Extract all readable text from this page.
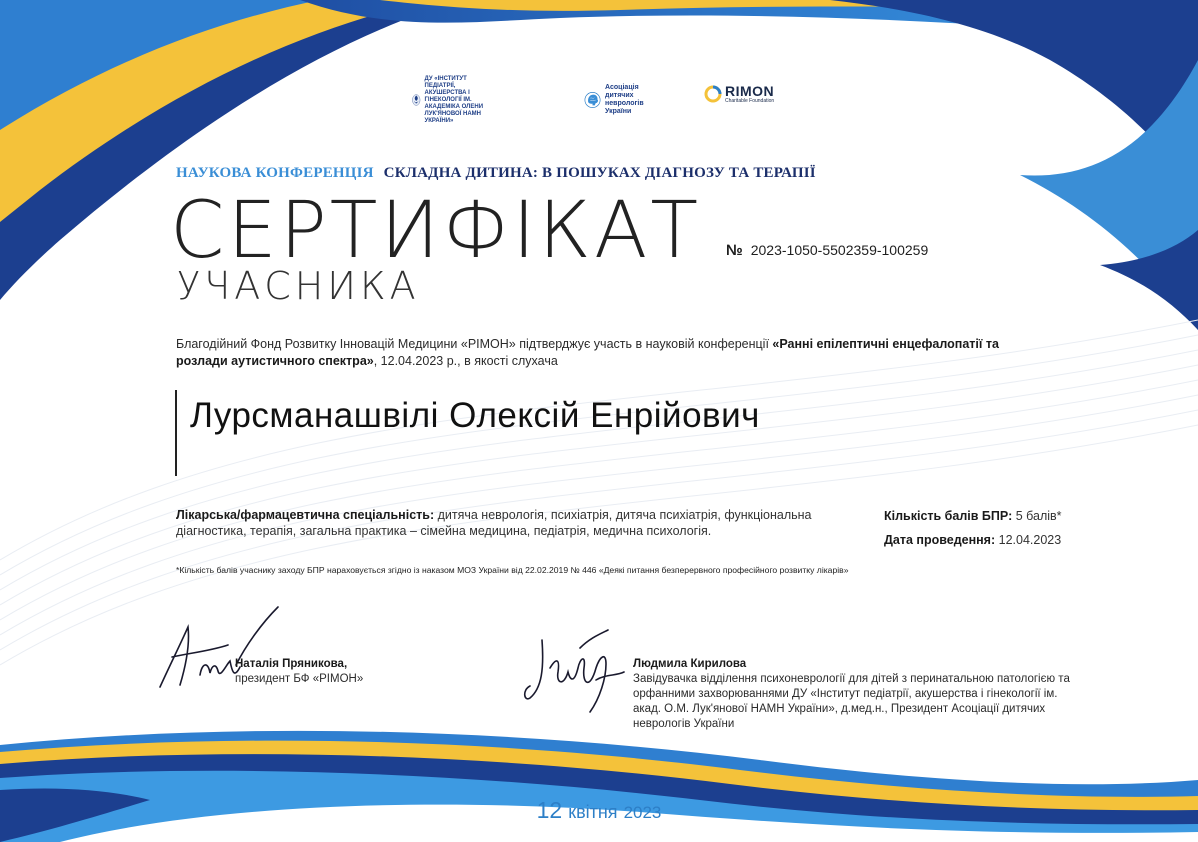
ДУ «ІНСТИТУТ ПЕДІАТРІЇ, АКУШЕРСТВА І ГІНЕКОЛОГІЇ ІМ. АКАДЕМІКА ОЛЕНИ ЛУК'ЯНОВОЇ НАМН УКРАЇНИ»
Асоціація дитячих неврологів України
RIMON
Charitable Foundation
НАУКОВА КОНФЕРЕНЦІЯ СКЛАДНА ДИТИНА: В ПОШУКАХ ДІАГНОЗУ ТА ТЕРАПІЇ
СЕРТИФІКАТ
УЧАСНИКА
№ 2023-1050-5502359-100259
Благодійний Фонд Розвитку Інновацій Медицини «РІМОН» підтверджує участь в науковій конференції «Ранні епілептичні енцефалопатії та розлади аутистичного спектра», 12.04.2023 р., в якості слухача
Лурсманашвілі Олексій Енрійович
Лікарська/фармацевтична спеціальність: дитяча неврологія, психіатрія, дитяча психіатрія, функціональна діагностика, терапія, загальна практика – сімейна медицина, педіатрія, медична психологія.
Кількість балів БПР: 5 балів*
Дата проведення: 12.04.2023
*Кількість балів учаснику заходу БПР нараховується згідно із наказом МОЗ України від 22.02.2019 № 446 «Деякі питання безперервного професійного розвитку лікарів»
Наталія Пряникова,
президент БФ «РІМОН»
Людмила Кирилова
Завідувачка відділення психоневрології для дітей з перинатальною патологією та орфанними захворюваннями ДУ «Інститут педіатрії, акушерства і гінекології ім. акад. О.М. Лук'янової НАМН України», д.мед.н., Президент Асоціації дитячих неврологів України
12 квітня 2023
